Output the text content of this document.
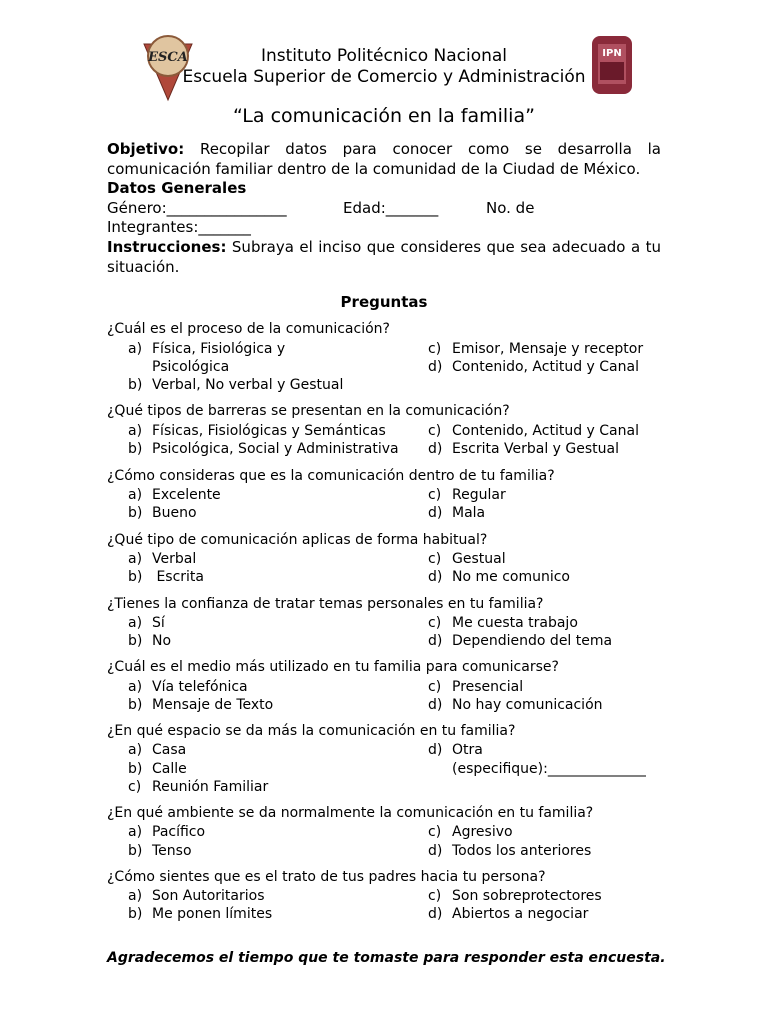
ESCA	IPN
Instituto Politécnico Nacional
Escuela Superior de Comercio y Administración
“La comunicación en la familia”
Objetivo: Recopilar datos para conocer como se desarrolla la comunicación familiar dentro de la comunidad de la Ciudad de México.
Datos Generales
Género:________________	Edad:_______	No. de
Integrantes:_______
Instrucciones: Subraya el inciso que consideres que sea adecuado a tu situación.
Preguntas
¿Cuál es el proceso de la comunicación?
a) Física, Fisiológica y
Psicológica
b) Verbal, No verbal y Gestual
c) Emisor, Mensaje y receptor
d) Contenido, Actitud y Canal
¿Qué tipos de barreras se presentan en la comunicación?
a) Físicas, Fisiológicas y Semánticas
b) Psicológica, Social y Administrativa
c) Contenido, Actitud y Canal
d) Escrita Verbal y Gestual
¿Cómo consideras que es la comunicación dentro de tu familia?
a) Excelente
b) Bueno
c) Regular
d) Mala
¿Qué tipo de comunicación aplicas de forma habitual?
a) Verbal
b) Escrita
c) Gestual
d) No me comunico
¿Tienes la confianza de tratar temas personales en tu familia?
a) Sí
b) No
c) Me cuesta trabajo
d) Dependiendo del tema
¿Cuál es el medio más utilizado en tu familia para comunicarse?
a) Vía telefónica
b) Mensaje de Texto
c) Presencial
d) No hay comunicación
¿En qué espacio se da más la comunicación en tu familia?
a) Casa
b) Calle
c) Reunión Familiar
d) Otra
(especifique):______________
¿En qué ambiente se da normalmente la comunicación en tu familia?
a) Pacífico
b) Tenso
c) Agresivo
d) Todos los anteriores
¿Cómo sientes que es el trato de tus padres hacia tu persona?
a) Son Autoritarios
b) Me ponen límites
c) Son sobreprotectores
d) Abiertos a negociar
Agradecemos el tiempo que te tomaste para responder esta encuesta.
